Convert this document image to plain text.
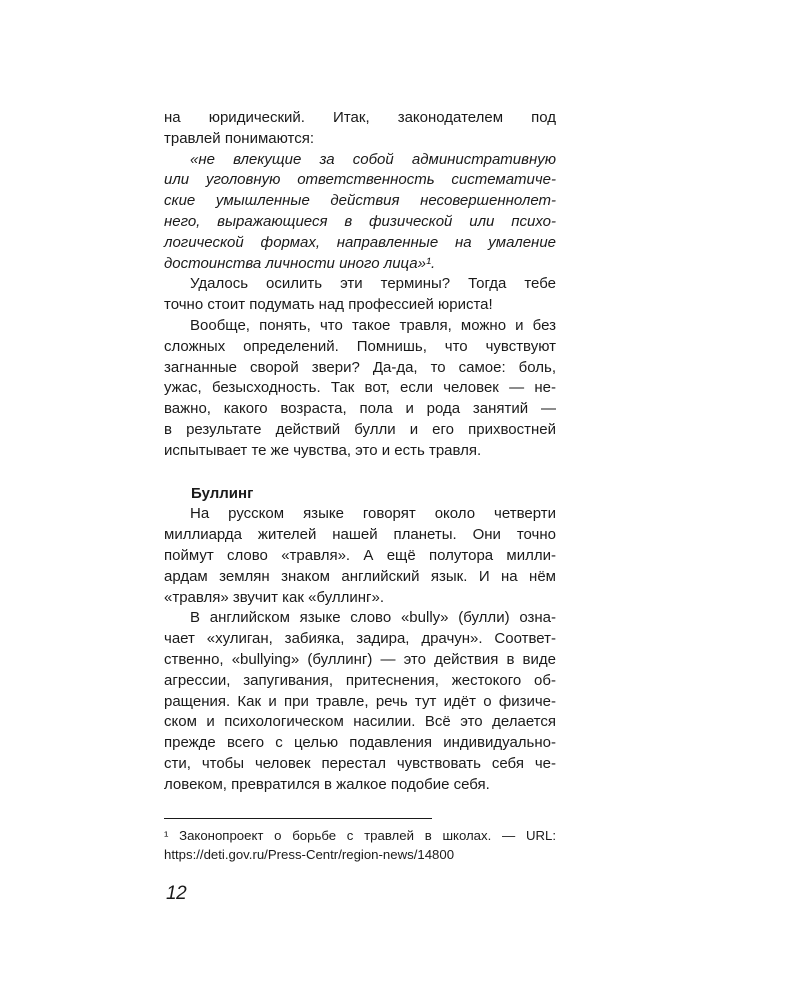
на юридический. Итак, законодателем под
травлей понимаются:
«не влекущие за собой административную
или уголовную ответственность систематиче-
ские умышленные действия несовершеннолет-
него, выражающиеся в физической или психо-
логической формах, направленные на умаление
достоинства личности иного лица»¹.
Удалось осилить эти термины? Тогда тебе
точно стоит подумать над профессией юриста!
Вообще, понять, что такое травля, можно и без
сложных определений. Помнишь, что чувствуют
загнанные сворой звери? Да-да, то самое: боль,
ужас, безысходность. Так вот, если человек — не-
важно, какого возраста, пола и рода занятий —
в результате действий булли и его прихвостней
испытывает те же чувства, это и есть травля.
Буллинг
На русском языке говорят около четверти
миллиарда жителей нашей планеты. Они точно
поймут слово «травля». А ещё полутора милли-
ардам землян знаком английский язык. И на нём
«травля» звучит как «буллинг».
В английском языке слово «bully» (булли) озна-
чает «хулиган, забияка, задира, драчун». Соответ-
ственно, «bullying» (буллинг) — это действия в виде
агрессии, запугивания, притеснения, жестокого об-
ращения. Как и при травле, речь тут идёт о физиче-
ском и психологическом насилии. Всё это делается
прежде всего с целью подавления индивидуально-
сти, чтобы человек перестал чувствовать себя че-
ловеком, превратился в жалкое подобие себя.
¹ Законопроект о борьбе с травлей в школах. — URL:
https://deti.gov.ru/Press-Centr/region-news/14800
12
